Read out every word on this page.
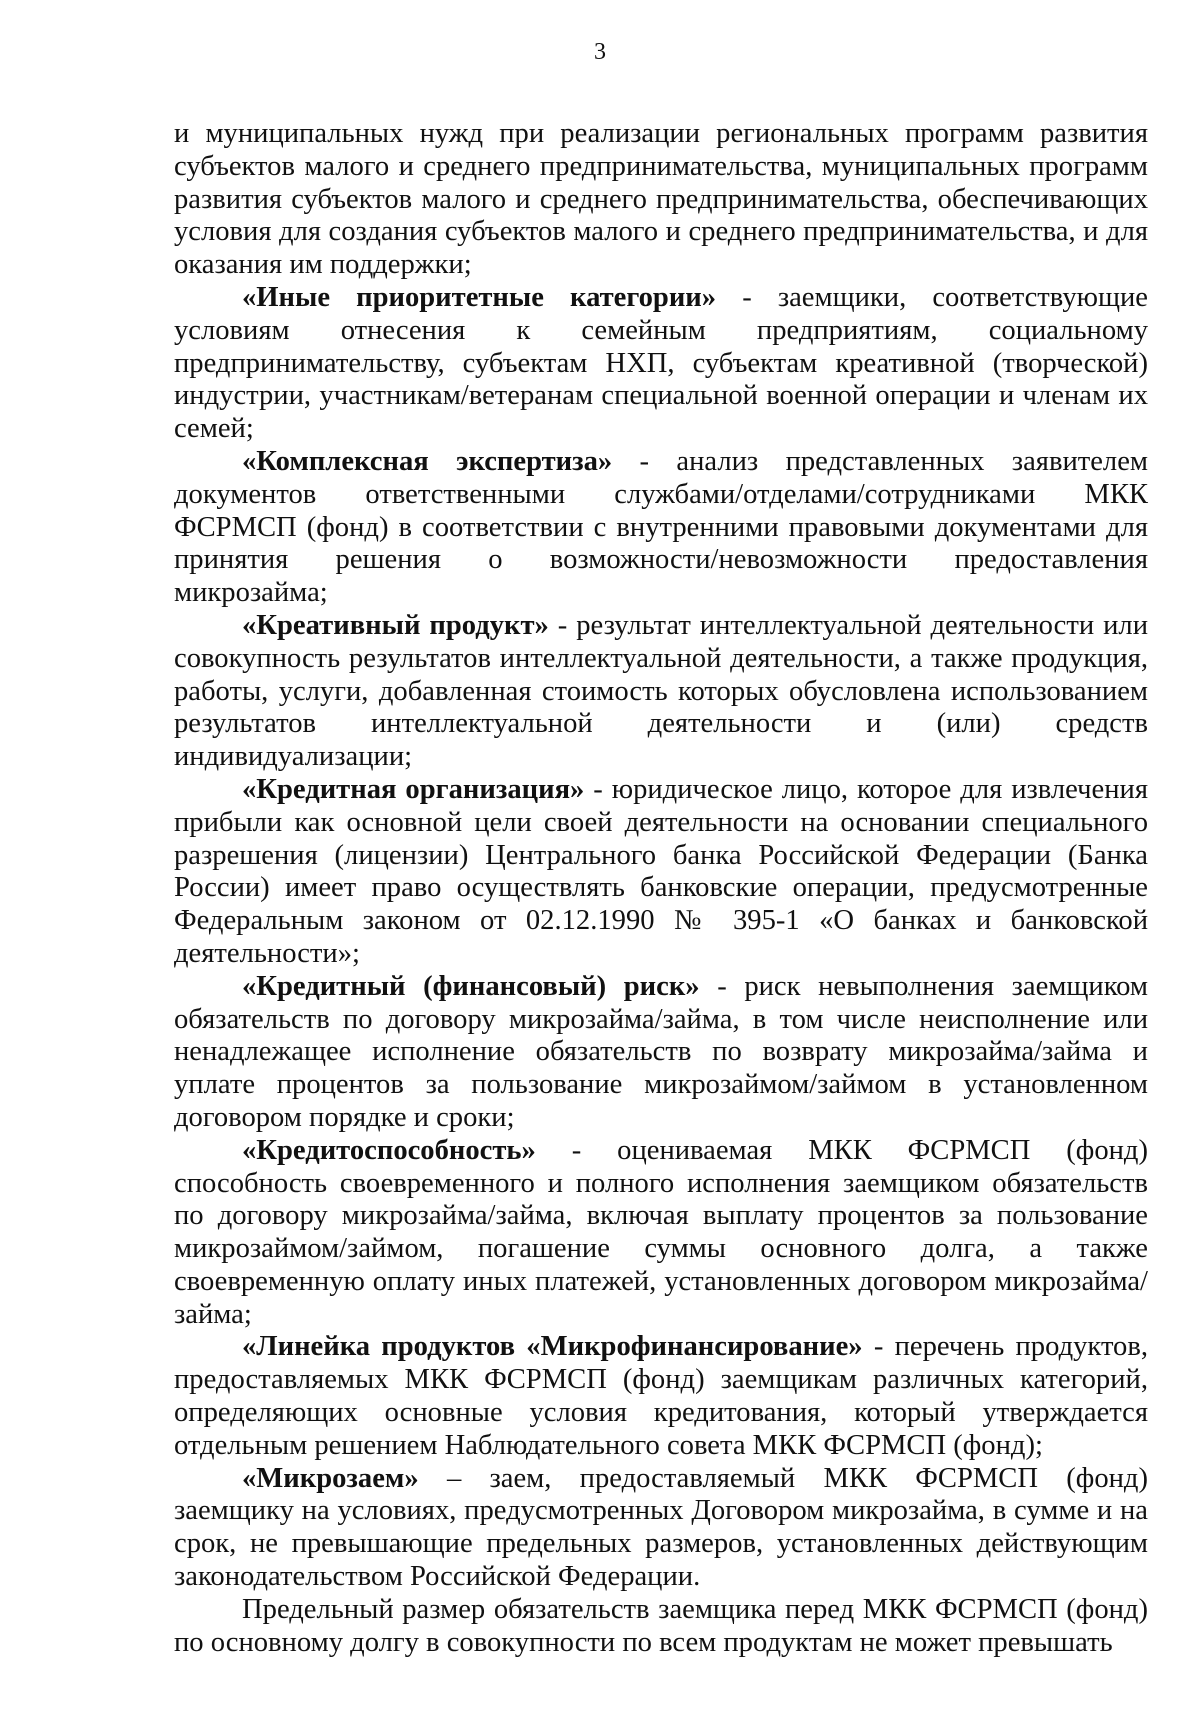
3

и муниципальных нужд при реализации региональных программ развития субъектов малого и среднего предпринимательства, муниципальных программ развития субъектов малого и среднего предпринимательства, обеспечивающих условия для создания субъектов малого и среднего предпринимательства, и для оказания им поддержки;

«Иные приоритетные категории» - заемщики, соответствующие условиям отнесения к семейным предприятиям, социальному предпринимательству, субъектам НХП, субъектам креативной (творческой) индустрии, участникам/ветеранам специальной военной операции и членам их семей;

«Комплексная экспертиза» - анализ представленных заявителем документов ответственными службами/отделами/сотрудниками МКК ФСРМСП (фонд) в соответствии с внутренними правовыми документами для принятия решения о возможности/невозможности предоставления микрозайма;

«Креативный продукт» - результат интеллектуальной деятельности или совокупность результатов интеллектуальной деятельности, а также продукция, работы, услуги, добавленная стоимость которых обусловлена использованием результатов интеллектуальной деятельности и (или) средств индивидуализации;

«Кредитная организация» - юридическое лицо, которое для извлечения прибыли как основной цели своей деятельности на основании специального разрешения (лицензии) Центрального банка Российской Федерации (Банка России) имеет право осуществлять банковские операции, предусмотренные Федеральным законом от 02.12.1990 № 395-1 «О банках и банковской деятельности»;

«Кредитный (финансовый) риск» - риск невыполнения заемщиком обязательств по договору микрозайма/займа, в том числе неисполнение или ненадлежащее исполнение обязательств по возврату микрозайма/займа и уплате процентов за пользование микрозаймом/займом в установленном договором порядке и сроки;

«Кредитоспособность» - оцениваемая МКК ФСРМСП (фонд) способность своевременного и полного исполнения заемщиком обязательств по договору микрозайма/займа, включая выплату процентов за пользование микрозаймом/займом, погашение суммы основного долга, а также своевременную оплату иных платежей, установленных договором микрозайма/займа;

«Линейка продуктов «Микрофинансирование» - перечень продуктов, предоставляемых МКК ФСРМСП (фонд) заемщикам различных категорий, определяющих основные условия кредитования, который утверждается отдельным решением Наблюдательного совета МКК ФСРМСП (фонд);

«Микрозаем» – заем, предоставляемый МКК ФСРМСП (фонд) заемщику на условиях, предусмотренных Договором микрозайма, в сумме и на срок, не превышающие предельных размеров, установленных действующим законодательством Российской Федерации.

Предельный размер обязательств заемщика перед МКК ФСРМСП (фонд) по основному долгу в совокупности по всем продуктам не может превышать
